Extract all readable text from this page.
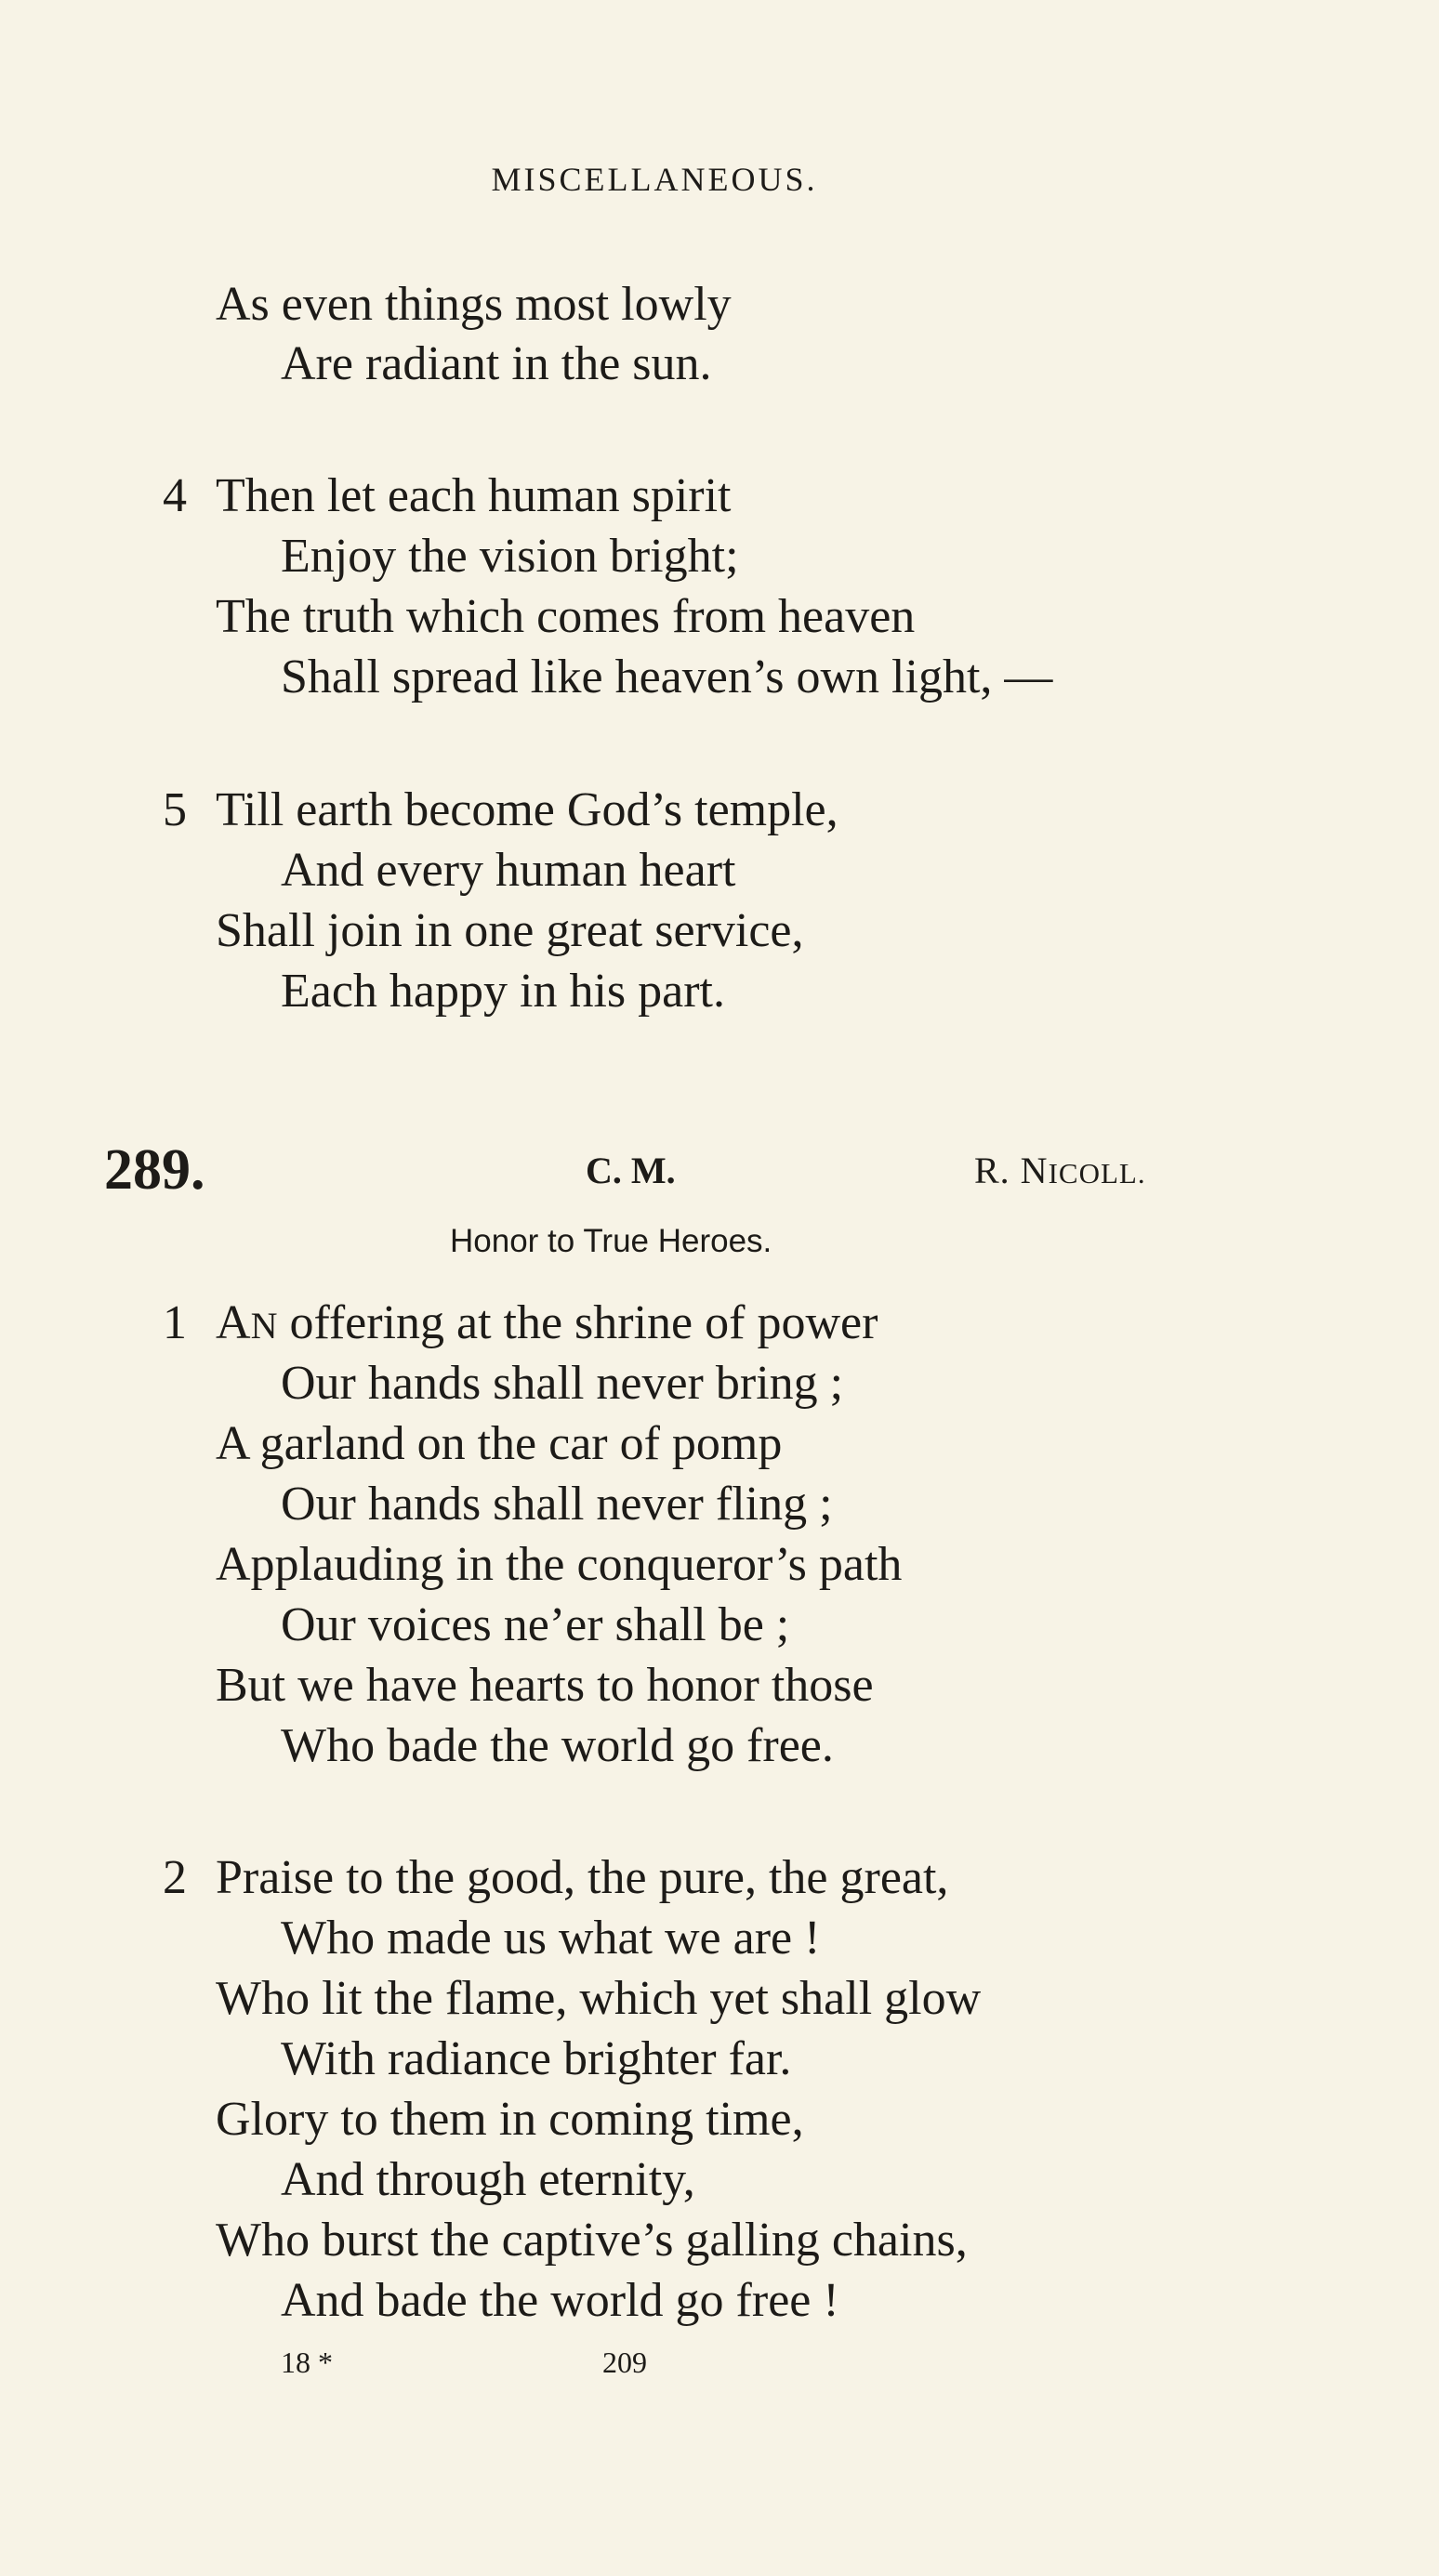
MISCELLANEOUS.
As even things most lowly
Are radiant in the sun.
4 Then let each human spirit
Enjoy the vision bright;
The truth which comes from heaven
Shall spread like heaven’s own light, —
5 Till earth become God’s temple,
And every human heart
Shall join in one great service,
Each happy in his part.
289.	C. M.	R. NICOLL.
Honor to True Heroes.
1 AN offering at the shrine of power
Our hands shall never bring ;
A garland on the car of pomp
Our hands shall never fling ;
Applauding in the conqueror’s path
Our voices ne’er shall be ;
But we have hearts to honor those
Who bade the world go free.
2 Praise to the good, the pure, the great,
Who made us what we are !
Who lit the flame, which yet shall glow
With radiance brighter far.
Glory to them in coming time,
And through eternity,
Who burst the captive’s galling chains,
And bade the world go free !
18 *	209
